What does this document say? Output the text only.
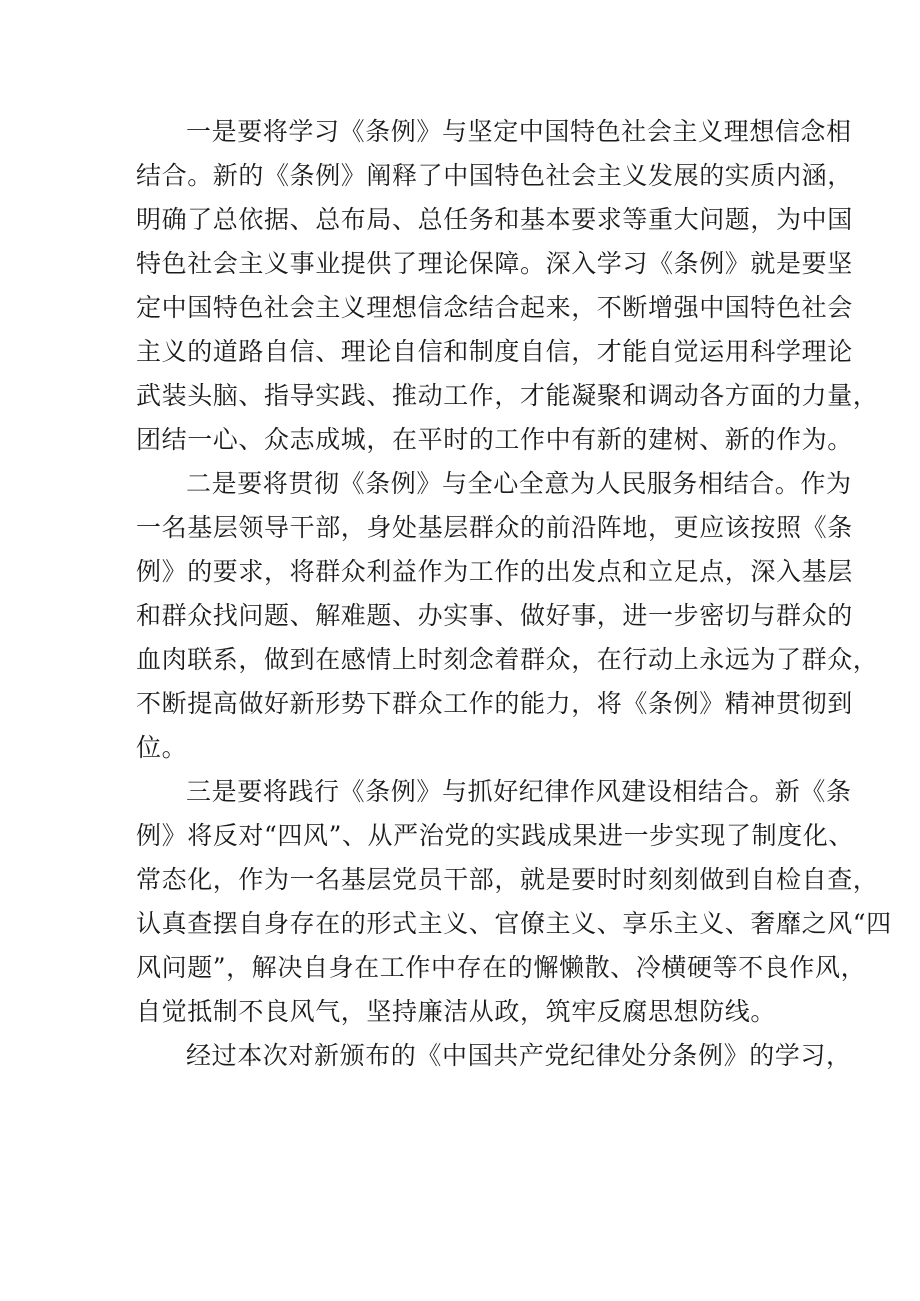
一是要将学习《条例》与坚定中国特色社会主义理想信念相
结合。新的《条例》阐释了中国特色社会主义发展的实质内涵，
明确了总依据、总布局、总任务和基本要求等重大问题，为中国
特色社会主义事业提供了理论保障。深入学习《条例》就是要坚
定中国特色社会主义理想信念结合起来，不断增强中国特色社会
主义的道路自信、理论自信和制度自信，才能自觉运用科学理论
武装头脑、指导实践、推动工作，才能凝聚和调动各方面的力量，
团结一心、众志成城，在平时的工作中有新的建树、新的作为。
二是要将贯彻《条例》与全心全意为人民服务相结合。作为
一名基层领导干部，身处基层群众的前沿阵地，更应该按照《条
例》的要求，将群众利益作为工作的出发点和立足点，深入基层
和群众找问题、解难题、办实事、做好事，进一步密切与群众的
血肉联系，做到在感情上时刻念着群众，在行动上永远为了群众，
不断提高做好新形势下群众工作的能力，将《条例》精神贯彻到
位。
三是要将践行《条例》与抓好纪律作风建设相结合。新《条
例》将反对“四风”、从严治党的实践成果进一步实现了制度化、
常态化，作为一名基层党员干部，就是要时时刻刻做到自检自查，
认真查摆自身存在的形式主义、官僚主义、享乐主义、奢靡之风“四
风问题”，解决自身在工作中存在的懈懒散、冷横硬等不良作风，
自觉抵制不良风气，坚持廉洁从政，筑牢反腐思想防线。
经过本次对新颁布的《中国共产党纪律处分条例》的学习，
